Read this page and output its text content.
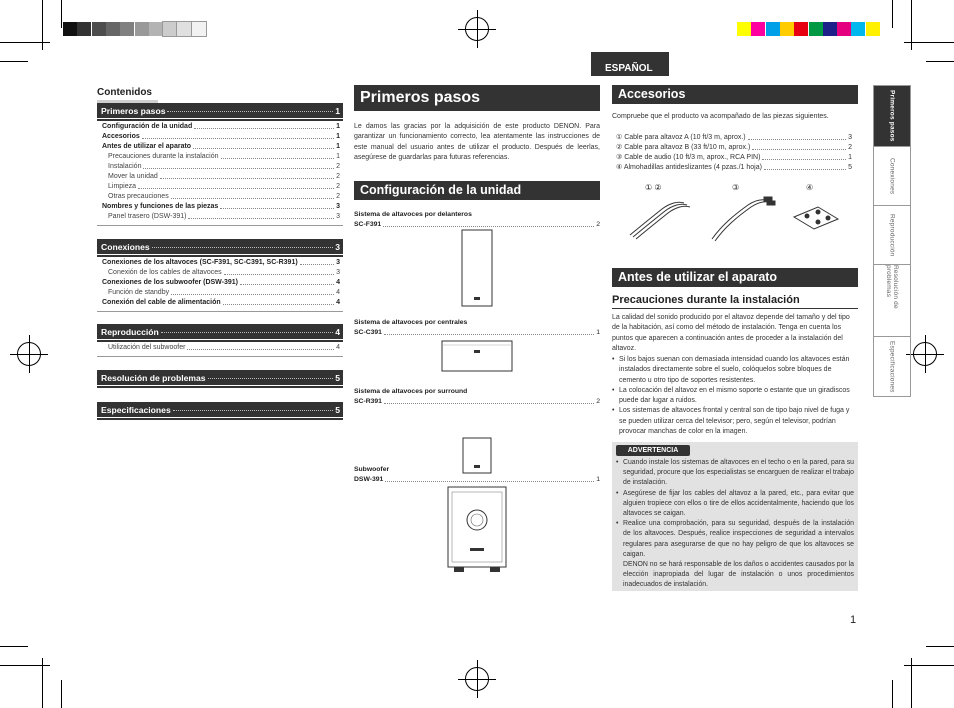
ESPAÑOL
Contenidos
Primeros pasos	1
Configuración de la unidad	1
Accesorios	1
Antes de utilizar el aparato	1
Precauciones durante la instalación	1
Instalación	2
Mover la unidad	2
Limpieza	2
Otras precauciones	2
Nombres y funciones de las piezas	3
Panel trasero (DSW-391)	3
Conexiones	3
Conexiones de los altavoces (SC-F391, SC-C391, SC-R391)	3
Conexión de los cables de altavoces	3
Conexiones de los subwoofer (DSW-391)	4
Función de standby	4
Conexión del cable de alimentación	4
Reproducción	4
Utilización del subwoofer	4
Resolución de problemas	5
Especificaciones	5
Primeros pasos
Le damos las gracias por la adquisición de este producto DENON. Para garantizar un funcionamiento correcto, lea atentamente las instrucciones de este manual del usuario antes de utilizar el producto. Después de leerlas, asegúrese de guardarlas para futuras referencias.
Configuración de la unidad
Sistema de altavoces por delanteros
SC-F391	2
Sistema de altavoces por centrales
SC-C391	1
Sistema de altavoces por surround
SC-R391	2
Subwoofer
DSW-391	1
Accesorios
Compruebe que el producto va acompañado de las piezas siguientes.
① Cable para altavoz A (10 ft/3 m, aprox.)	3
② Cable para altavoz B (33 ft/10 m, aprox.)	2
③ Cable de audio (10 ft/3 m, aprox., RCA PIN)	1
④ Almohadillas antideslizantes (4 pzas./1 hoja)	5
① ②	③	④
Antes de utilizar el aparato
Precauciones durante la instalación
La calidad del sonido producido por el altavoz depende del tamaño y del tipo de la habitación, así como del método de instalación. Tenga en cuenta los puntos que aparecen a continuación antes de proceder a la instalación del altavoz.
• Si los bajos suenan con demasiada intensidad cuando los altavoces están instalados directamente sobre el suelo, colóquelos sobre bloques de cemento u otro tipo de soportes resistentes.
• La colocación del altavoz en el mismo soporte o estante que un giradiscos puede dar lugar a ruidos.
• Los sistemas de altavoces frontal y central son de tipo bajo nivel de fuga y se pueden utilizar cerca del televisor; pero, según el televisor, podrían provocar manchas de color en la imagen.
ADVERTENCIA
• Cuando instale los sistemas de altavoces en el techo o en la pared, para su seguridad, procure que los especialistas se encarguen de realizar el trabajo de instalación.
• Asegúrese de fijar los cables del altavoz a la pared, etc., para evitar que alguien tropiece con ellos o tire de ellos accidentalmente, haciendo que los altavoces se caigan.
• Realice una comprobación, para su seguridad, después de la instalación de los altavoces. Después, realice inspecciones de seguridad a intervalos regulares para asegurarse de que no hay peligro de que los altavoces se caigan.
DENON no se hará responsable de los daños o accidentes causados por la elección inapropiada del lugar de instalación o unos procedimientos inadecuados de instalación.
Primeros pasos
Conexiones
Reproducción
Resolución de problemas
Especificaciones
1
